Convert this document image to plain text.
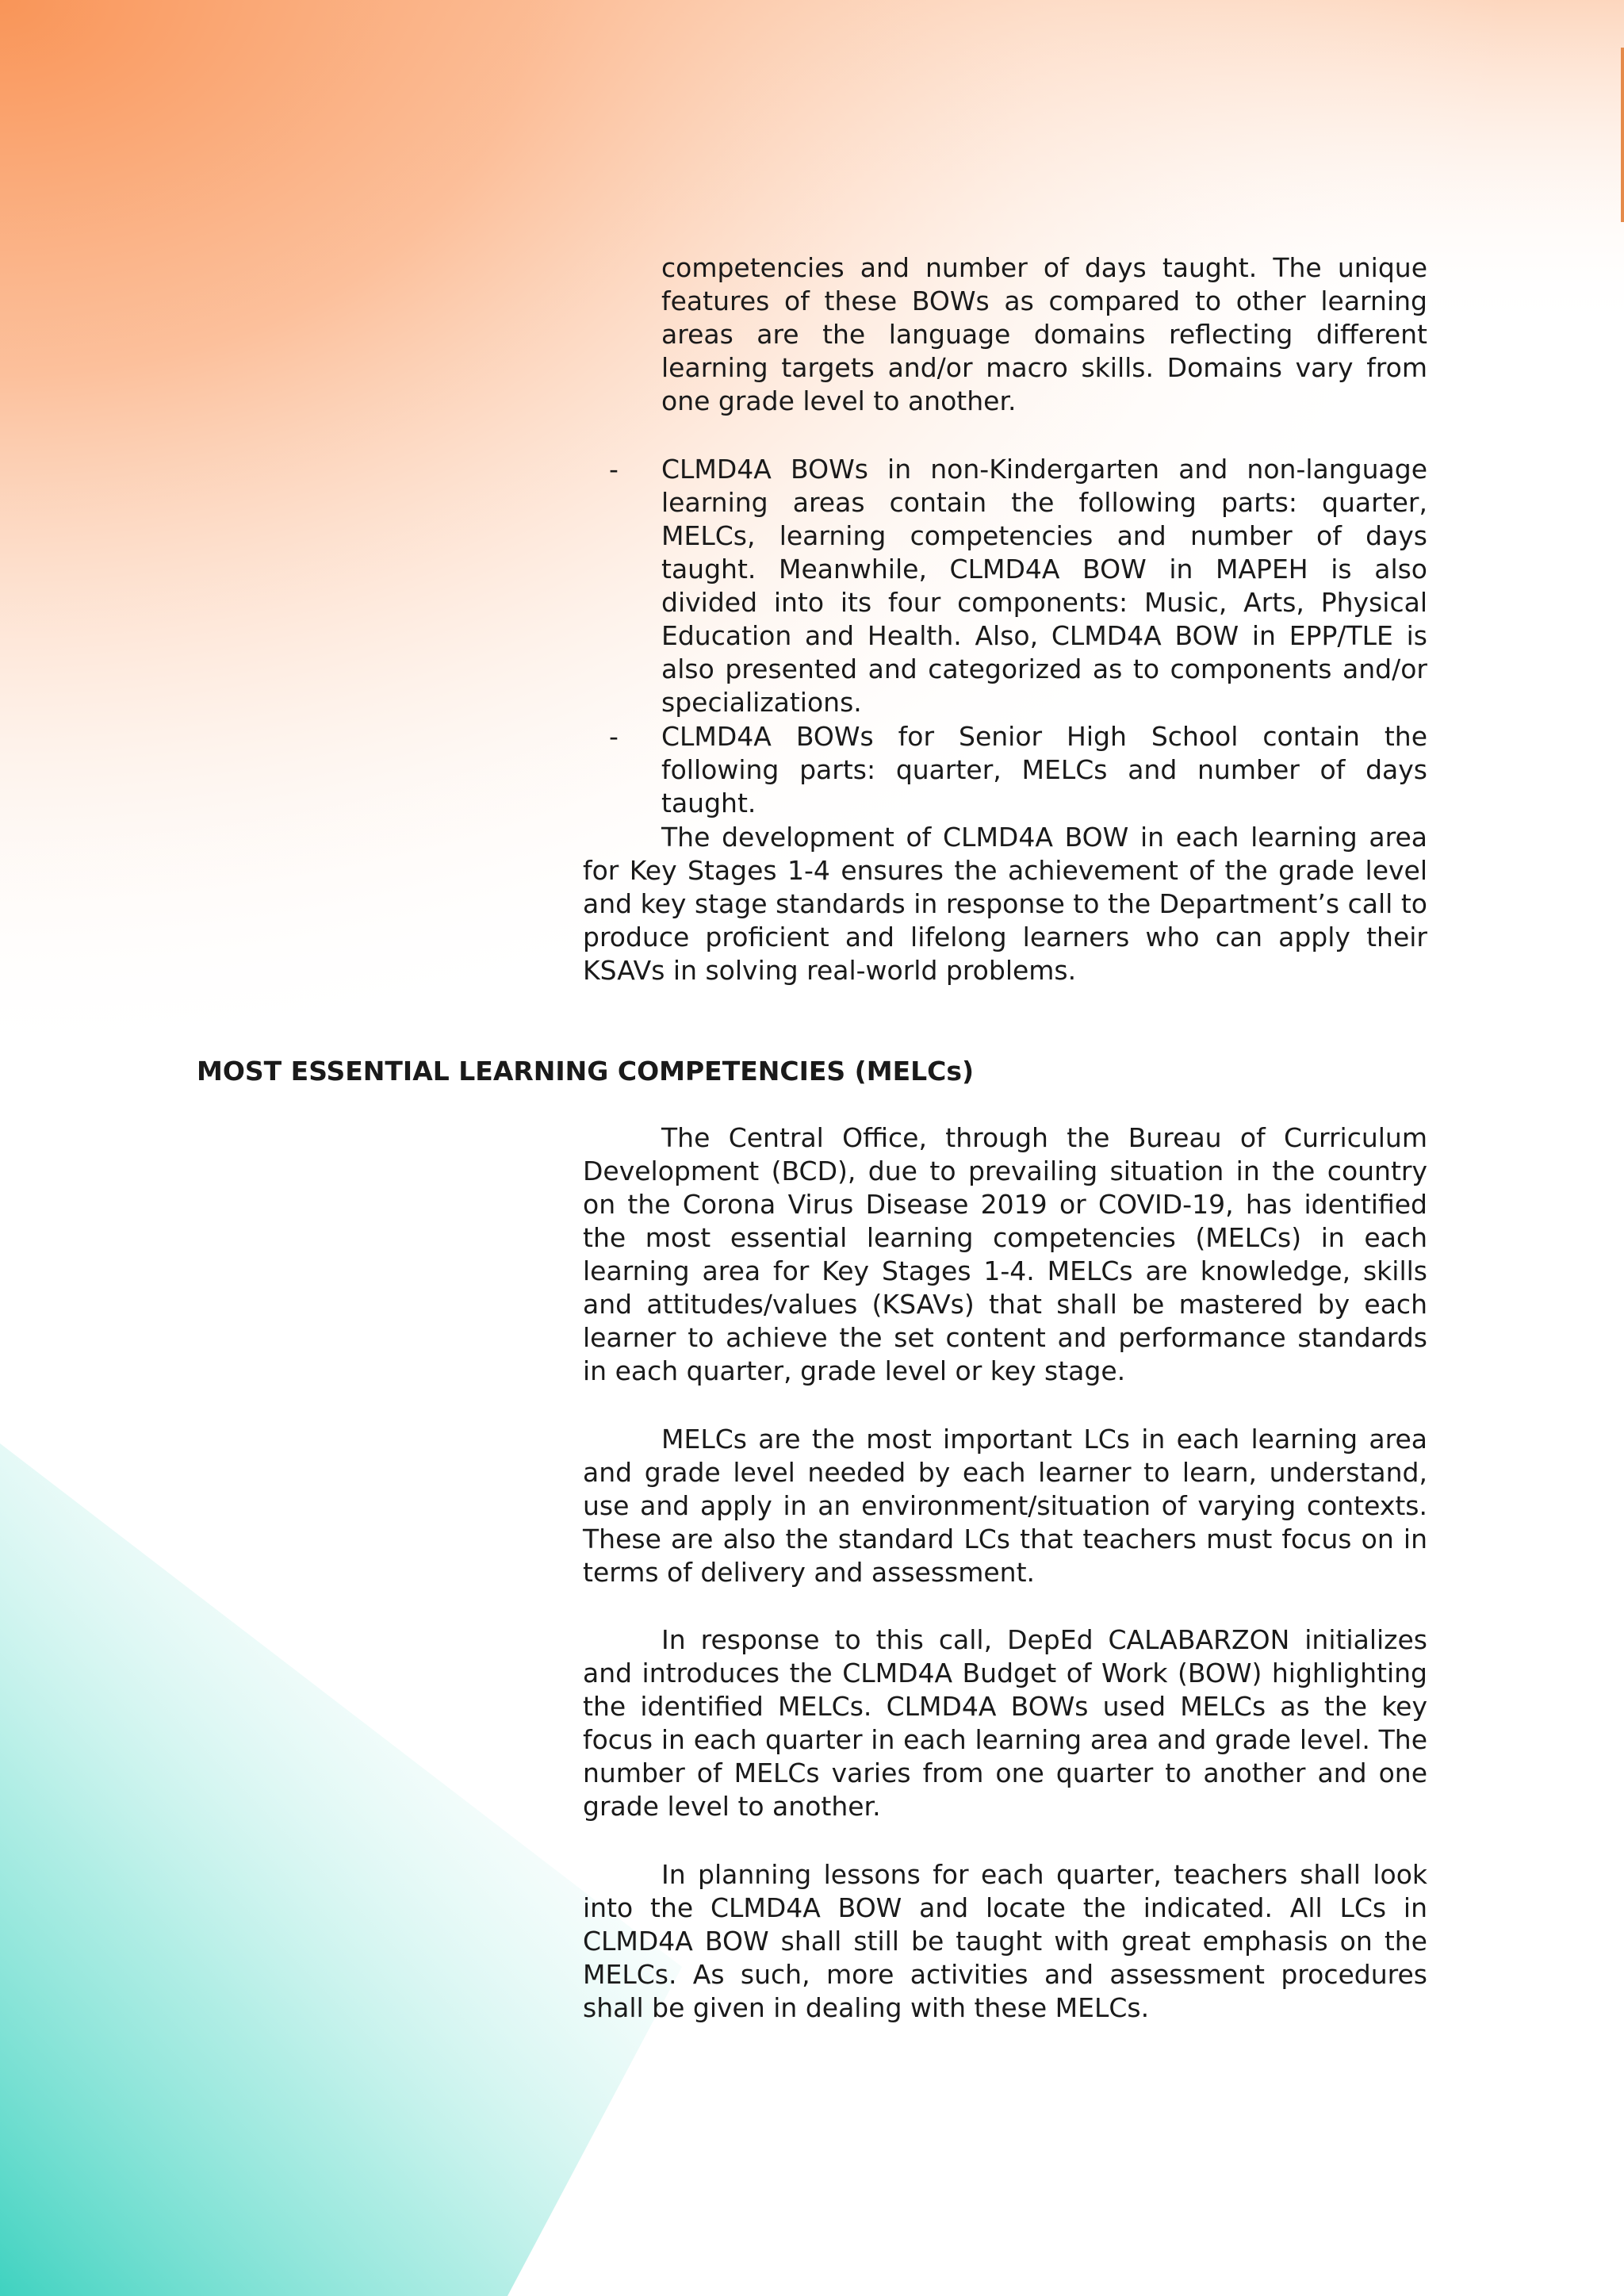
competencies and number of days taught. The unique features of these BOWs as compared to other learning areas are the language domains reflecting different learning targets and/or macro skills. Domains vary from one grade level to another.

- CLMD4A BOWs in non-Kindergarten and non-language learning areas contain the following parts: quarter, MELCs, learning competencies and number of days taught. Meanwhile, CLMD4A BOW in MAPEH is also divided into its four components: Music, Arts, Physical Education and Health. Also, CLMD4A BOW in EPP/TLE is also presented and categorized as to components and/or specializations.

- CLMD4A BOWs for Senior High School contain the following parts: quarter, MELCs and number of days taught.

The development of CLMD4A BOW in each learning area for Key Stages 1-4 ensures the achievement of the grade level and key stage standards in response to the Department’s call to produce proficient and lifelong learners who can apply their KSAVs in solving real-world problems.

MOST ESSENTIAL LEARNING COMPETENCIES (MELCs)

The Central Office, through the Bureau of Curriculum Development (BCD), due to prevailing situation in the country on the Corona Virus Disease 2019 or COVID-19, has identified the most essential learning competencies (MELCs) in each learning area for Key Stages 1-4. MELCs are knowledge, skills and attitudes/values (KSAVs) that shall be mastered by each learner to achieve the set content and performance standards in each quarter, grade level or key stage.

MELCs are the most important LCs in each learning area and grade level needed by each learner to learn, understand, use and apply in an environment/situation of varying contexts. These are also the standard LCs that teachers must focus on in terms of delivery and assessment.

In response to this call, DepEd CALABARZON initializes and introduces the CLMD4A Budget of Work (BOW) highlighting the identified MELCs. CLMD4A BOWs used MELCs as the key focus in each quarter in each learning area and grade level. The number of MELCs varies from one quarter to another and one grade level to another.

In planning lessons for each quarter, teachers shall look into the CLMD4A BOW and locate the indicated. All LCs in CLMD4A BOW shall still be taught with great emphasis on the MELCs. As such, more activities and assessment procedures shall be given in dealing with these MELCs.
